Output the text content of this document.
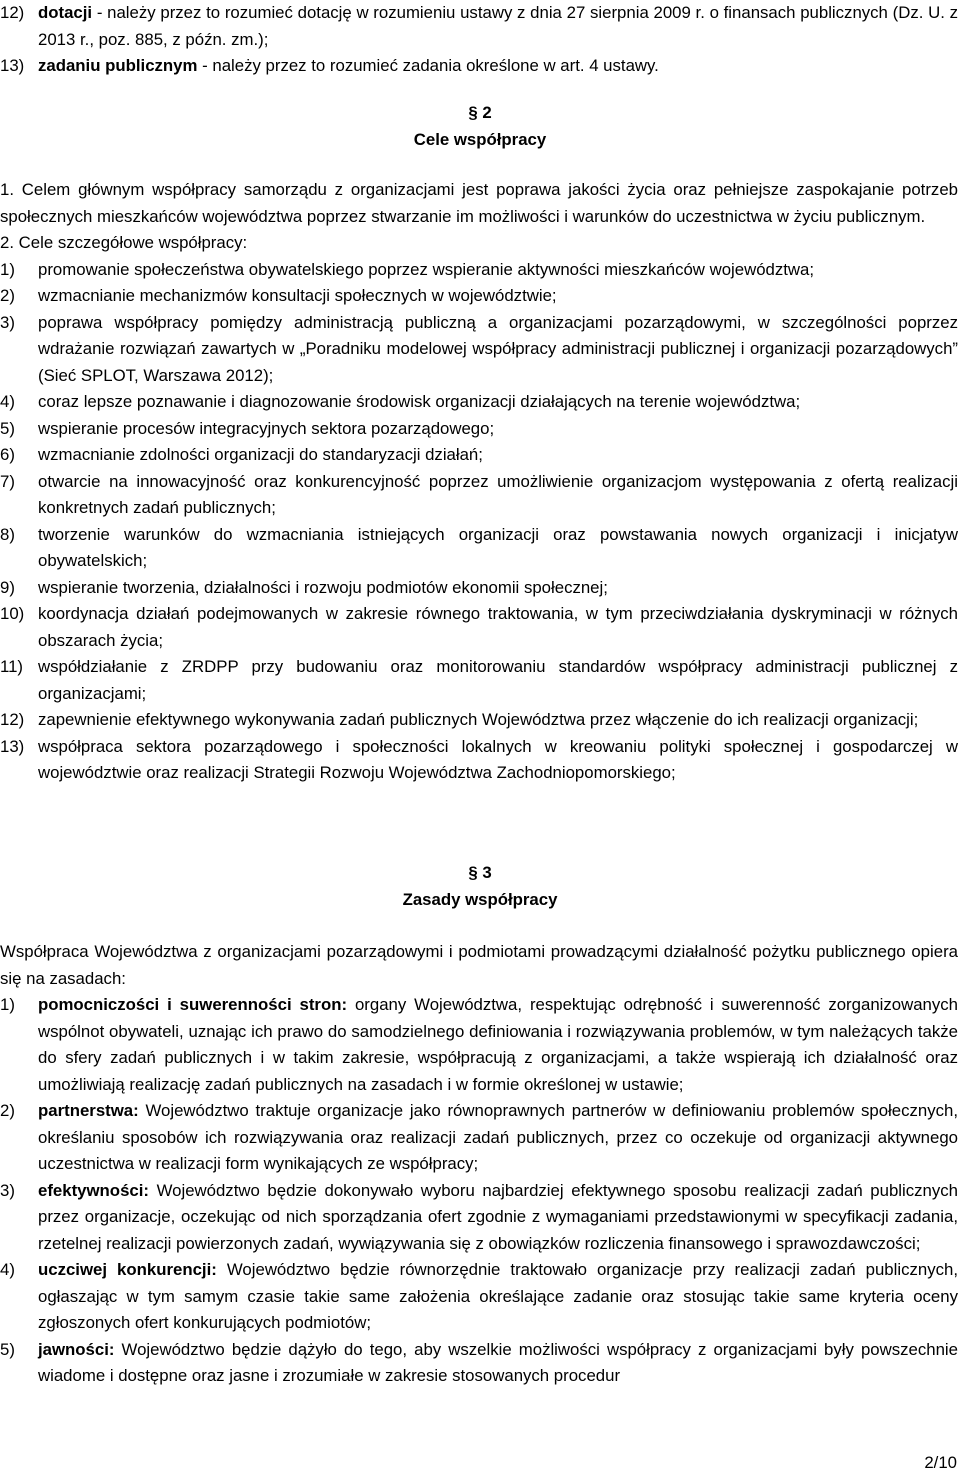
12) dotacji - należy przez to rozumieć dotację w rozumieniu ustawy z dnia 27 sierpnia 2009 r. o finansach publicznych (Dz. U. z 2013 r., poz. 885, z późn. zm.);
13) zadaniu publicznym - należy przez to rozumieć zadania określone w art. 4 ustawy.
§ 2
Cele współpracy
1. Celem głównym współpracy samorządu z organizacjami jest poprawa jakości życia oraz pełniejsze zaspokajanie potrzeb społecznych mieszkańców województwa poprzez stwarzanie im możliwości i warunków do uczestnictwa w życiu publicznym.
2. Cele szczegółowe współpracy:
1) promowanie społeczeństwa obywatelskiego poprzez wspieranie aktywności mieszkańców województwa;
2) wzmacnianie mechanizmów konsultacji społecznych w województwie;
3) poprawa współpracy pomiędzy administracją publiczną a organizacjami pozarządowymi, w szczególności poprzez wdrażanie rozwiązań zawartych w „Poradniku modelowej współpracy administracji publicznej i organizacji pozarządowych” (Sieć SPLOT, Warszawa 2012);
4) coraz lepsze poznawanie i diagnozowanie środowisk organizacji działających na terenie województwa;
5) wspieranie procesów integracyjnych sektora pozarządowego;
6) wzmacnianie zdolności organizacji do standaryzacji działań;
7) otwarcie na innowacyjność oraz konkurencyjność poprzez umożliwienie organizacjom występowania z ofertą realizacji konkretnych zadań publicznych;
8) tworzenie warunków do wzmacniania istniejących organizacji oraz powstawania nowych organizacji i inicjatyw obywatelskich;
9) wspieranie tworzenia, działalności i rozwoju podmiotów ekonomii społecznej;
10) koordynacja działań podejmowanych w zakresie równego traktowania, w tym przeciwdziałania dyskryminacji w różnych obszarach życia;
11) współdziałanie z ZRDPP przy budowaniu oraz monitorowaniu standardów współpracy administracji publicznej z organizacjami;
12) zapewnienie efektywnego wykonywania zadań publicznych Województwa przez włączenie do ich realizacji organizacji;
13) współpraca sektora pozarządowego i społeczności lokalnych w kreowaniu polityki społecznej i gospodarczej w województwie oraz realizacji Strategii Rozwoju Województwa Zachodniopomorskiego;
§ 3
Zasady współpracy
Współpraca Województwa z organizacjami pozarządowymi i podmiotami prowadzącymi działalność pożytku publicznego opiera się na zasadach:
1) pomocniczości i suwerenności stron: organy Województwa, respektując odrębność i suwerenność zorganizowanych wspólnot obywateli, uznając ich prawo do samodzielnego definiowania i rozwiązywania problemów, w tym należących także do sfery zadań publicznych i w takim zakresie, współpracują z organizacjami, a także wspierają ich działalność oraz umożliwiają realizację zadań publicznych na zasadach i w formie określonej w ustawie;
2) partnerstwa: Województwo traktuje organizacje jako równoprawnych partnerów w definiowaniu problemów społecznych, określaniu sposobów ich rozwiązywania oraz realizacji zadań publicznych, przez co oczekuje od organizacji aktywnego uczestnictwa w realizacji form wynikających ze współpracy;
3) efektywności: Województwo będzie dokonywało wyboru najbardziej efektywnego sposobu realizacji zadań publicznych przez organizacje, oczekując od nich sporządzania ofert zgodnie z wymaganiami przedstawionymi w specyfikacji zadania, rzetelnej realizacji powierzonych zadań, wywiązywania się z obowiązków rozliczenia finansowego i sprawozdawczości;
4) uczciwej konkurencji: Województwo będzie równorzędnie traktowało organizacje przy realizacji zadań publicznych, ogłaszając w tym samym czasie takie same założenia określające zadanie oraz stosując takie same kryteria oceny zgłoszonych ofert konkurujących podmiotów;
5) jawności: Województwo będzie dążyło do tego, aby wszelkie możliwości współpracy z organizacjami były powszechnie wiadome i dostępne oraz jasne i zrozumiałe w zakresie stosowanych procedur
2/10
